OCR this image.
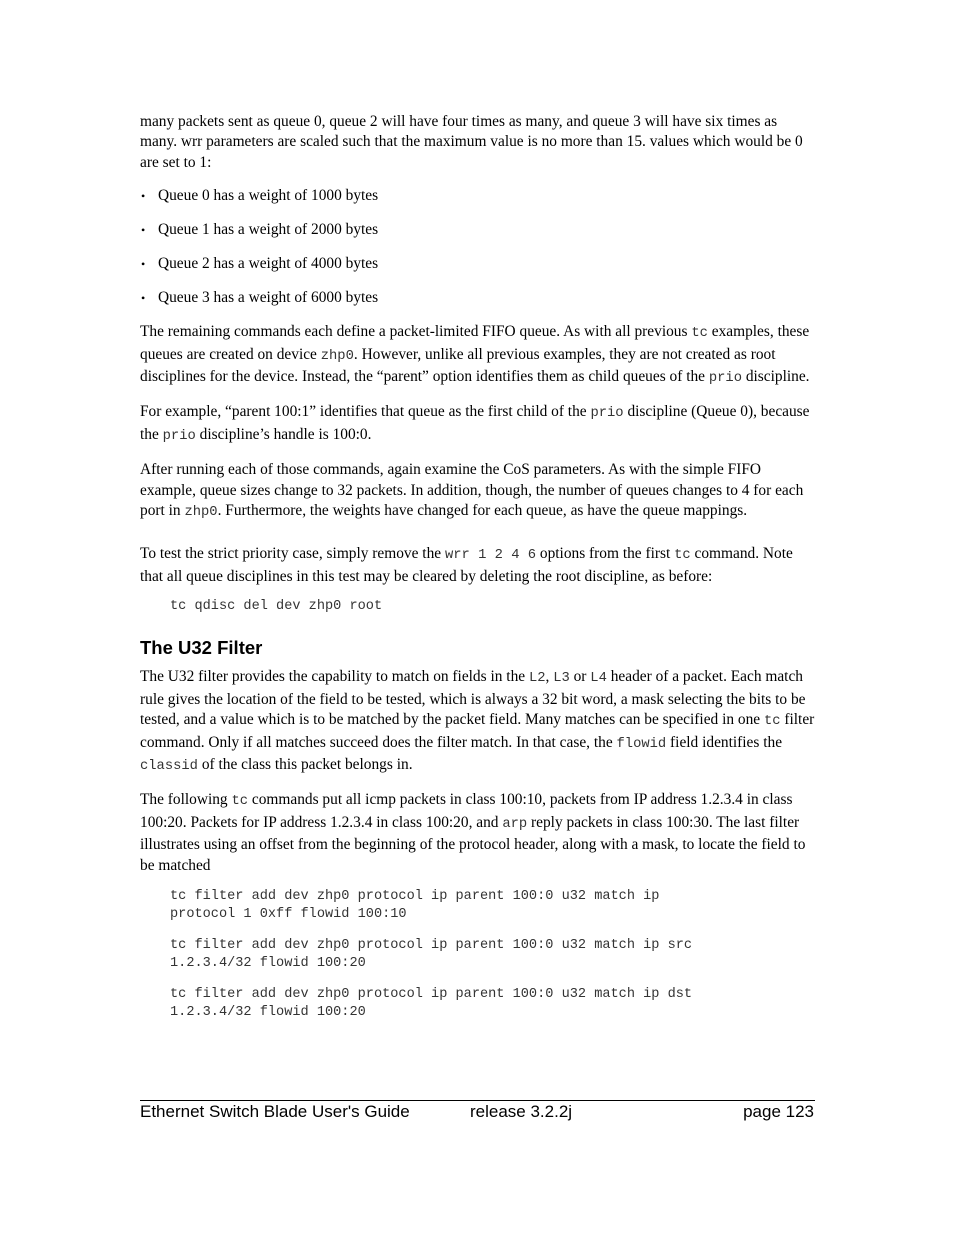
many packets sent as queue 0, queue 2 will have four times as many, and queue 3 will have six times as many. wrr parameters are scaled such that the maximum value is no more than 15. values which would be 0 are set to 1:

• Queue 0 has a weight of 1000 bytes
• Queue 1 has a weight of 2000 bytes
• Queue 2 has a weight of 4000 bytes
• Queue 3 has a weight of 6000 bytes

The remaining commands each define a packet-limited FIFO queue. As with all previous tc examples, these queues are created on device zhp0. However, unlike all previous examples, they are not created as root disciplines for the device. Instead, the “parent” option identifies them as child queues of the prio discipline.

For example, “parent 100:1” identifies that queue as the first child of the prio discipline (Queue 0), because the prio discipline’s handle is 100:0.

After running each of those commands, again examine the CoS parameters. As with the simple FIFO example, queue sizes change to 32 packets. In addition, though, the number of queues changes to 4 for each port in zhp0. Furthermore, the weights have changed for each queue, as have the queue mappings.

To test the strict priority case, simply remove the wrr 1 2 4 6 options from the first tc command. Note that all queue disciplines in this test may be cleared by deleting the root discipline, as before:

tc qdisc del dev zhp0 root
The U32 Filter

The U32 filter provides the capability to match on fields in the L2, L3 or L4 header of a packet. Each match rule gives the location of the field to be tested, which is always a 32 bit word, a mask selecting the bits to be tested, and a value which is to be matched by the packet field. Many matches can be specified in one tc filter command. Only if all matches succeed does the filter match. In that case, the flowid field identifies the classid of the class this packet belongs in.

The following tc commands put all icmp packets in class 100:10, packets from IP address 1.2.3.4 in class 100:20. Packets for IP address 1.2.3.4 in class 100:20, and arp reply packets in class 100:30. The last filter illustrates using an offset from the beginning of the protocol header, along with a mask, to locate the field to be matched

tc filter add dev zhp0 protocol ip parent 100:0 u32 match ip
protocol 1 0xff flowid 100:10
tc filter add dev zhp0 protocol ip parent 100:0 u32 match ip src
1.2.3.4/32 flowid 100:20
tc filter add dev zhp0 protocol ip parent 100:0 u32 match ip dst
1.2.3.4/32 flowid 100:20
Ethernet Switch Blade User's Guide	release 3.2.2j	page 123
